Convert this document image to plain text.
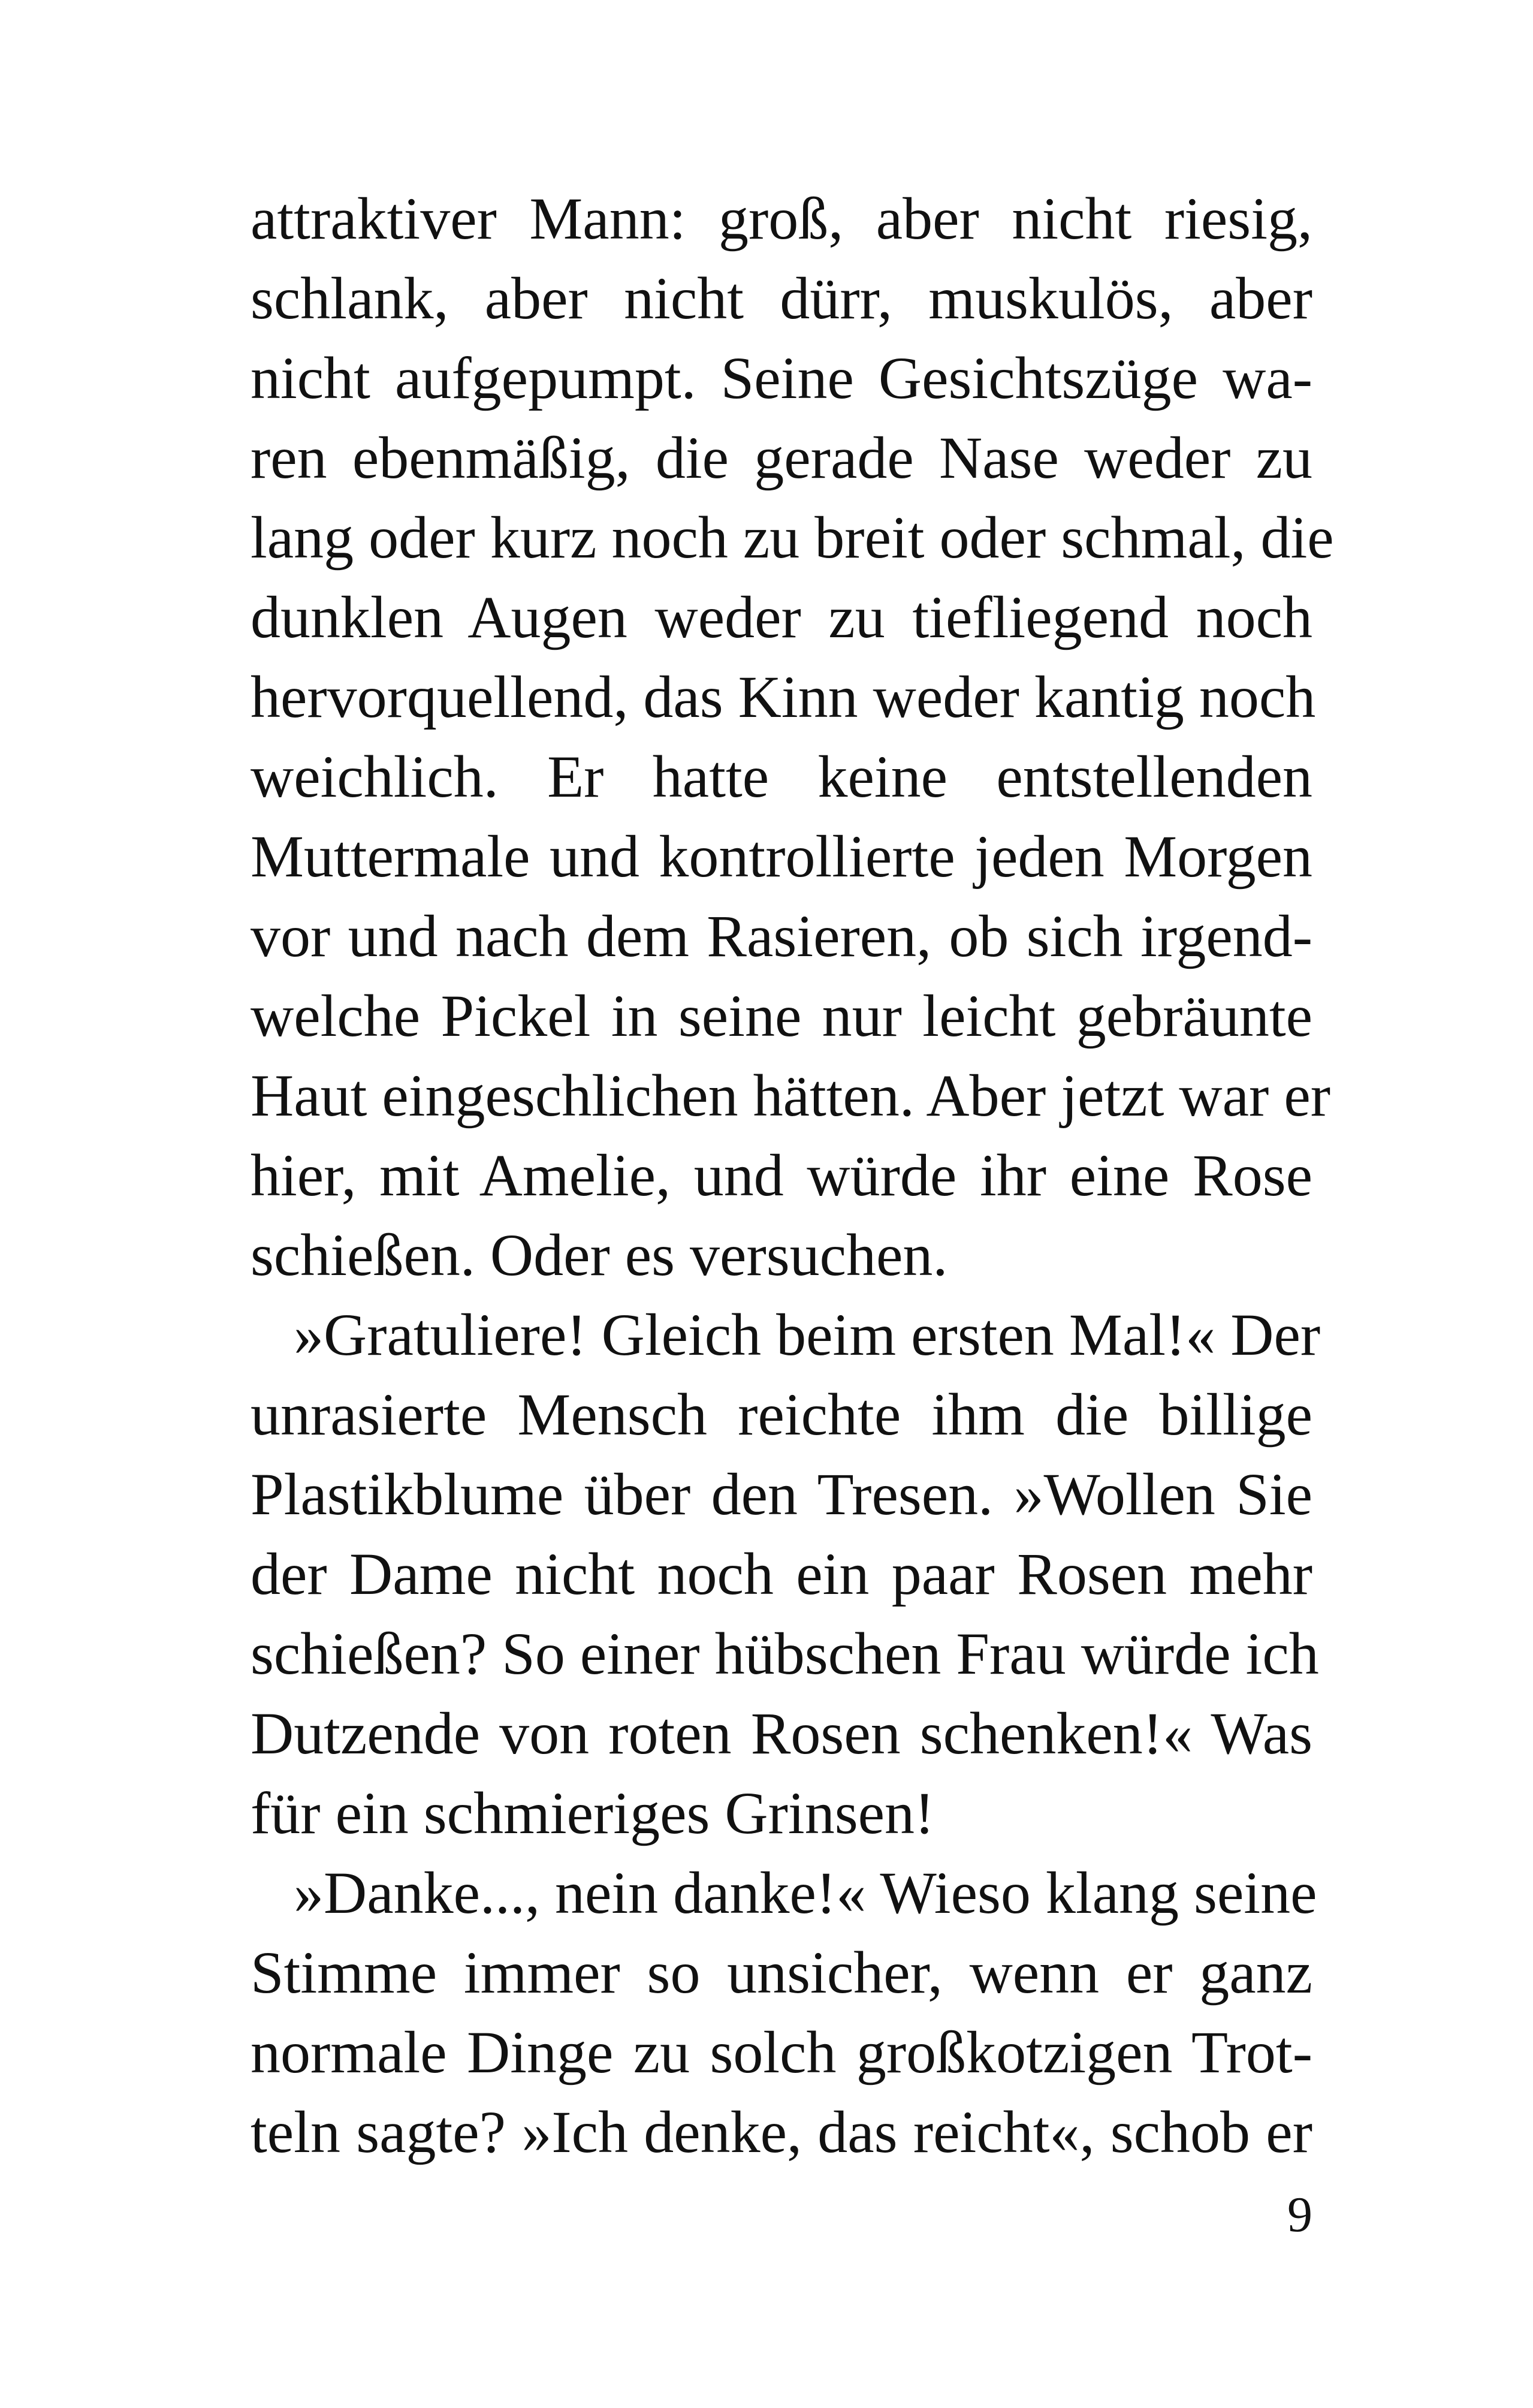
attraktiver Mann: groß, aber nicht riesig,
schlank, aber nicht dürr, muskulös, aber
nicht aufgepumpt. Seine Gesichtszüge wa-
ren ebenmäßig, die gerade Nase weder zu
lang oder kurz noch zu breit oder schmal, die
dunklen Augen weder zu tiefliegend noch
hervorquellend, das Kinn weder kantig noch
weichlich. Er hatte keine entstellenden
Muttermale und kontrollierte jeden Morgen
vor und nach dem Rasieren, ob sich irgend-
welche Pickel in seine nur leicht gebräunte
Haut eingeschlichen hätten. Aber jetzt war er
hier, mit Amelie, und würde ihr eine Rose
schießen. Oder es versuchen.
»Gratuliere! Gleich beim ersten Mal!« Der
unrasierte Mensch reichte ihm die billige
Plastikblume über den Tresen. »Wollen Sie
der Dame nicht noch ein paar Rosen mehr
schießen? So einer hübschen Frau würde ich
Dutzende von roten Rosen schenken!« Was
für ein schmieriges Grinsen!
»Danke..., nein danke!« Wieso klang seine
Stimme immer so unsicher, wenn er ganz
normale Dinge zu solch großkotzigen Trot-
teln sagte? »Ich denke, das reicht«, schob er
9
